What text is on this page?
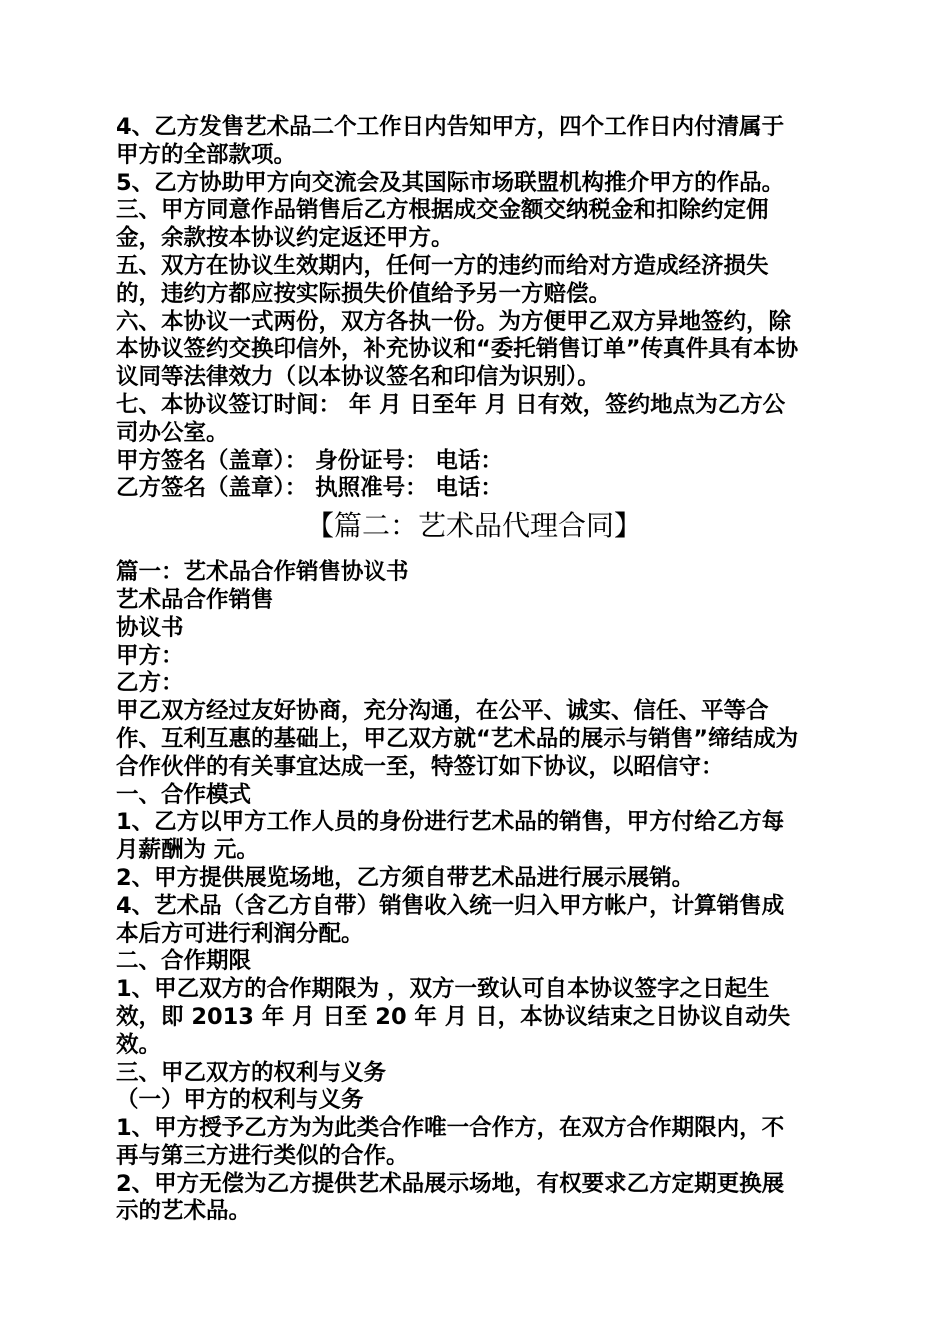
4、乙方发售艺术品二个工作日内告知甲方，四个工作日内付清属于
甲方的全部款项。
5、乙方协助甲方向交流会及其国际市场联盟机构推介甲方的作品。
三、甲方同意作品销售后乙方根据成交金额交纳税金和扣除约定佣
金，余款按本协议约定返还甲方。
五、双方在协议生效期内，任何一方的违约而给对方造成经济损失
的，违约方都应按实际损失价值给予另一方赔偿。
六、本协议一式两份，双方各执一份。为方便甲乙双方异地签约，除
本协议签约交换印信外，补充协议和“委托销售订单”传真件具有本协
议同等法律效力（以本协议签名和印信为识别）。
七、本协议签订时间： 年 月 日至年 月 日有效，签约地点为乙方公
司办公室。
甲方签名（盖章）： 身份证号： 电话：
乙方签名（盖章）： 执照准号： 电话：
【篇二：艺术品代理合同】
篇一：艺术品合作销售协议书
艺术品合作销售
协议书
甲方：
乙方：
甲乙双方经过友好协商，充分沟通，在公平、诚实、信任、平等合
作、互利互惠的基础上，甲乙双方就“艺术品的展示与销售”缔结成为
合作伙伴的有关事宜达成一至，特签订如下协议，以昭信守：
一、合作模式
1、乙方以甲方工作人员的身份进行艺术品的销售，甲方付给乙方每
月薪酬为 元。
2、甲方提供展览场地，乙方须自带艺术品进行展示展销。
4、艺术品（含乙方自带）销售收入统一归入甲方帐户，计算销售成
本后方可进行利润分配。
二、合作期限
1、甲乙双方的合作期限为 ，双方一致认可自本协议签字之日起生
效，即 2013 年 月 日至 20 年 月 日，本协议结束之日协议自动失
效。
三、甲乙双方的权利与义务
（一）甲方的权利与义务
1、甲方授予乙方为为此类合作唯一合作方，在双方合作期限内，不
再与第三方进行类似的合作。
2、甲方无偿为乙方提供艺术品展示场地，有权要求乙方定期更换展
示的艺术品。
